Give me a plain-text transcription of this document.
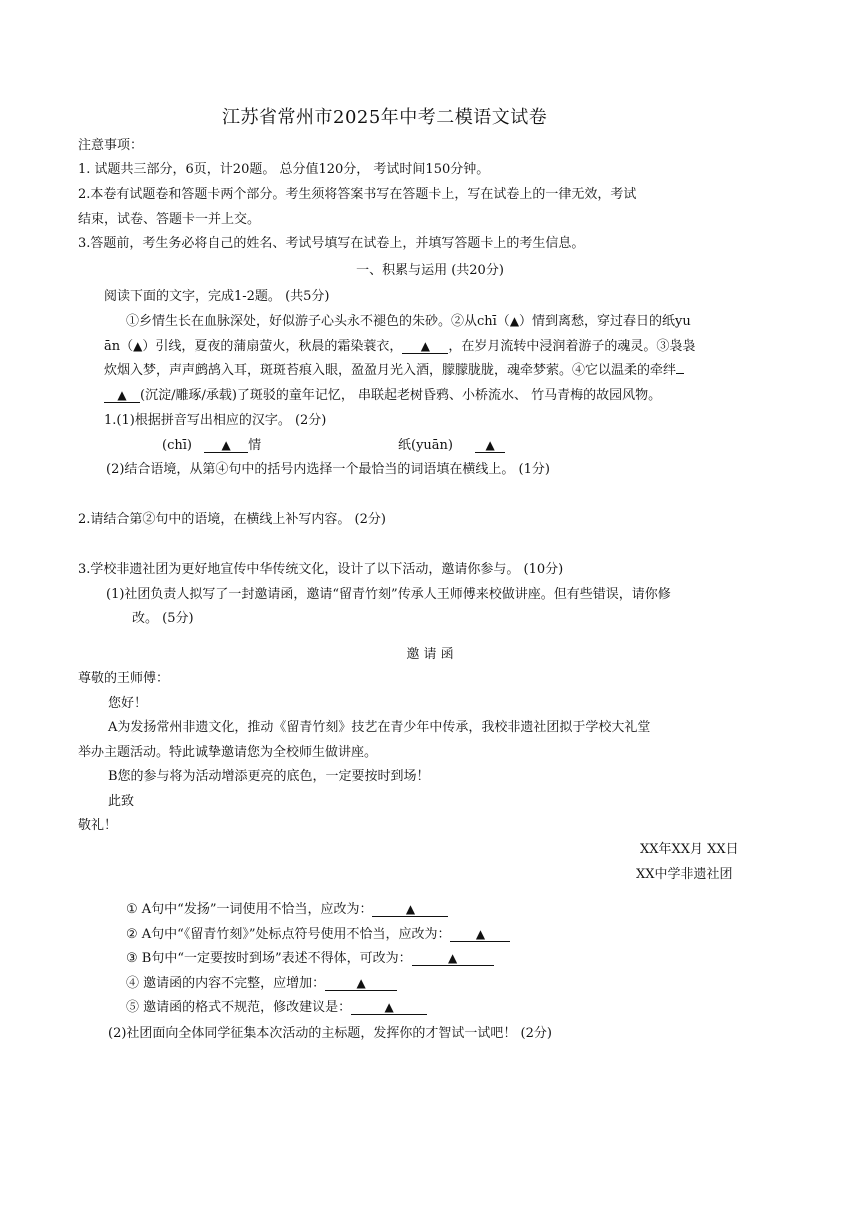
江苏省常州市2025年中考二模语文试卷
注意事项：
1. 试题共三部分，6页，计20题。 总分值120分， 考试时间150分钟。
2.本卷有试题卷和答题卡两个部分。考生须将答案书写在答题卡上，写在试卷上的一律无效，考试
结束，试卷、答题卡一并上交。
3.答题前，考生务必将自己的姓名、考试号填写在试卷上，并填写答题卡上的考生信息。
一、积累与运用 (共20分)
阅读下面的文字，完成1-2题。 (共5分)
①乡情生长在血脉深处，好似游子心头永不褪色的朱砂。②从chī（▲）情到离愁，穿过春日的纸yu
ān（▲）引线，夏夜的蒲扇萤火，秋晨的霜染蓑衣， ▲ ，在岁月流转中浸润着游子的魂灵。③袅袅
炊烟入梦，声声鹧鸪入耳，斑斑苔痕入眼，盈盈月光入酒，朦朦胧胧，魂牵梦萦。④它以温柔的牵绊
▲ (沉淀/雕琢/承载)了斑驳的童年记忆， 串联起老树昏鸦、小桥流水、 竹马青梅的故园风物。
1.(1)根据拼音写出相应的汉字。 (2分)
(chī) ▲ 情	纸(yuān)	▲
(2)结合语境，从第④句中的括号内选择一个最恰当的词语填在横线上。 (1分)
2.请结合第②句中的语境，在横线上补写内容。 (2分)
3.学校非遗社团为更好地宣传中华传统文化，设计了以下活动，邀请你参与。 (10分)
(1)社团负责人拟写了一封邀请函，邀请“留青竹刻”传承人王师傅来校做讲座。但有些错误，请你修
改。 (5分)
邀 请 函
尊敬的王师傅：
您好！
A为发扬常州非遗文化，推动《留青竹刻》技艺在青少年中传承，我校非遗社团拟于学校大礼堂
举办主题活动。特此诚挚邀请您为全校师生做讲座。
B您的参与将为活动增添更亮的底色，一定要按时到场！
此致
敬礼！
XX年XX月 XX日
XX中学非遗社团
① A句中“发扬”一词使用不恰当，应改为：	▲
② A句中“《留青竹刻》”处标点符号使用不恰当，应改为： ▲
③ B句中“一定要按时到场”表述不得体，可改为：	▲
④ 邀请函的内容不完整，应增加：	▲
⑤ 邀请函的格式不规范，修改建议是：	▲
(2)社团面向全体同学征集本次活动的主标题，发挥你的才智试一试吧！ (2分)
